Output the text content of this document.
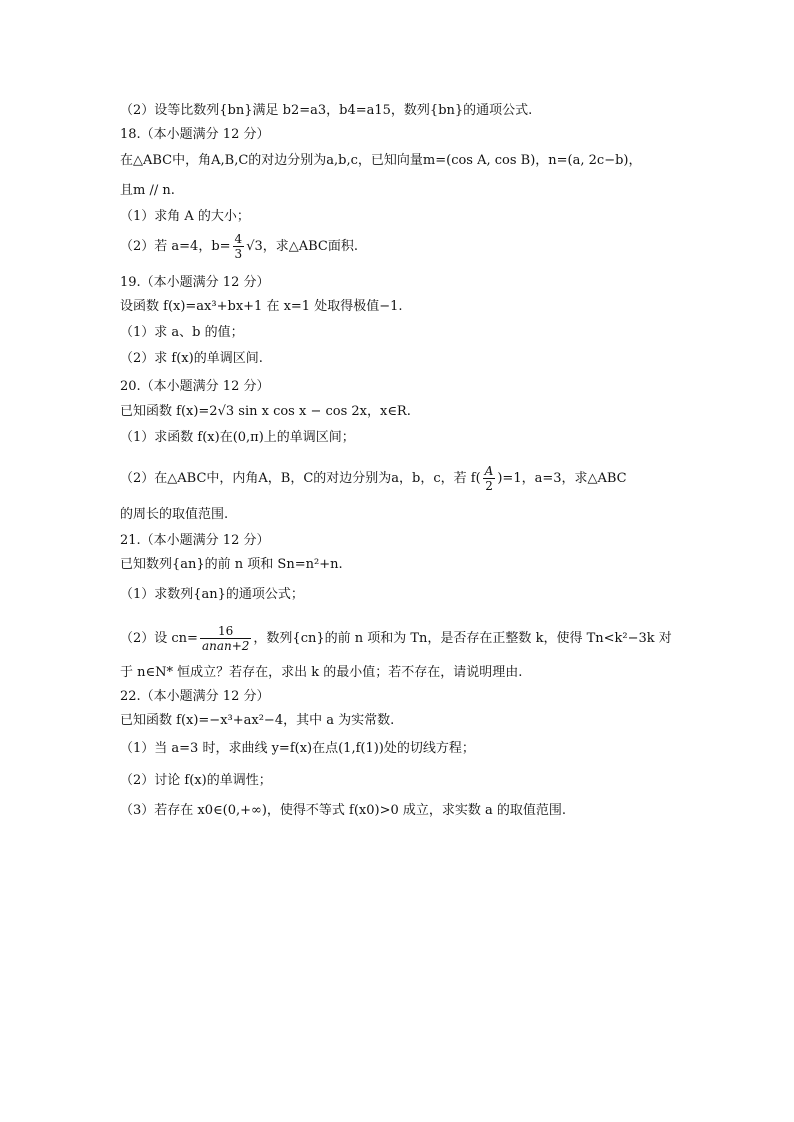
（2）设等比数列{bn}满足 b2=a3，b4=a15，数列{bn}的通项公式.
18.（本小题满分 12 分）
在△ABC中，角A,B,C的对边分别为a,b,c，已知向量m=(cos A, cos B)，n=(a, 2c−b)，
且m // n.
（1）求角 A 的大小；
（2）若 a=4，$b= \frac{4}{3} √3$，求△ABC面积.
19.（本小题满分 12 分）
设函数 f(x)=ax³+bx+1 在 x=1 处取得极值−1.
（1）求 a、b 的值；
（2）求 f(x)的单调区间.
20.（本小题满分 12 分）
已知函数 f(x)=2√3 sin x cos x − cos 2x，x∈R.
（1）求函数 f(x)在(0,π)上的单调区间；
（2）在△ABC中，内角A，B，C的对边分别为a，b，c，若 $f( \frac{A}{2} )=1$，a=3，求△ABC
的周长的取值范围.
21.（本小题满分 12 分）
已知数列{an}的前 n 项和 Sn=n²+n.
（1）求数列{an}的通项公式；
（2）设 $cn= \frac{16}{\text{anan+2}}$ ，数列{cn}的前 n 项和为 Tn，是否存在正整数 k，使得 Tn<k²−3k 对
于 n∈N* 恒成立？若存在，求出 k 的最小值；若不存在，请说明理由.
22.（本小题满分 12 分）
已知函数 f(x)=−x³+ax²−4，其中 a 为实常数.
（1）当 a=3 时，求曲线 y=f(x)在点(1,f(1))处的切线方程；
（2）讨论 f(x)的单调性；
（3）若存在 x0∈(0,+∞)，使得不等式 f(x0)>0 成立，求实数 a 的取值范围.
